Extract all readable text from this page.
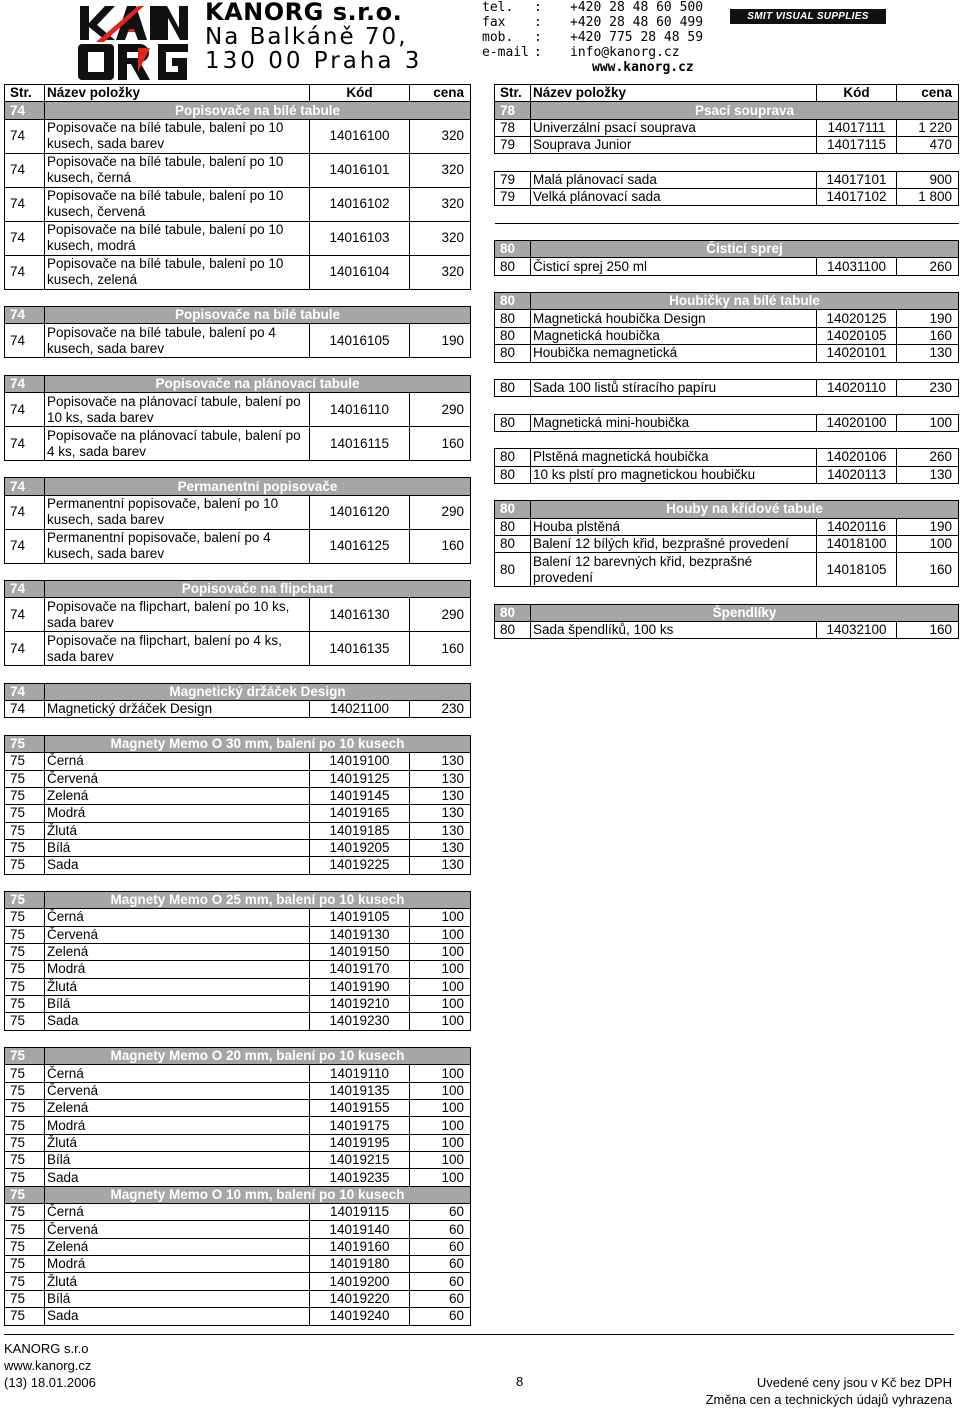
KANORG s.r.o.
Na Balkáně 70,
130 00 Praha 3
tel.	:	+420 28 48 60 500
fax	:	+420 28 48 60 499
mob.	:	+420 775 28 48 59
e-mail :	info@kanorg.cz
www.kanorg.cz
SMIT VISUAL SUPPLIES
Str.	Název položky	Kód	cena
74	Popisovače na bílé tabule		
74	Popisovače na bílé tabule, balení po 10 kusech, sada barev	14016100	320
74	Popisovače na bílé tabule, balení po 10 kusech, černá	14016101	320
74	Popisovače na bílé tabule, balení po 10 kusech, červená	14016102	320
74	Popisovače na bílé tabule, balení po 10 kusech, modrá	14016103	320
74	Popisovače na bílé tabule, balení po 10 kusech, zelená	14016104	320

74	Popisovače na bílé tabule		
74	Popisovače na bílé tabule, balení po 4 kusech, sada barev	14016105	190

74	Popisovače na plánovací tabule		
74	Popisovače na plánovací tabule, balení po 10 ks, sada barev	14016110	290
74	Popisovače na plánovací tabule, balení po 4 ks, sada barev	14016115	160

74	Permanentní popisovače		
74	Permanentní popisovače, balení po 10 kusech, sada barev	14016120	290
74	Permanentní popisovače, balení po 4 kusech, sada barev	14016125	160

74	Popisovače na flipchart		
74	Popisovače na flipchart, balení po 10 ks, sada barev	14016130	290
74	Popisovače na flipchart, balení po 4 ks, sada barev	14016135	160

74	Magnetický držáček Design		
74	Magnetický držáček Design	14021100	230

75	Magnety Memo O 30 mm, balení po 10 kusech		
75	Černá	14019100	130
75	Červená	14019125	130
75	Zelená	14019145	130
75	Modrá	14019165	130
75	Žlutá	14019185	130
75	Bílá	14019205	130
75	Sada	14019225	130

75	Magnety Memo O 25 mm, balení po 10 kusech		
75	Černá	14019105	100
75	Červená	14019130	100
75	Zelená	14019150	100
75	Modrá	14019170	100
75	Žlutá	14019190	100
75	Bílá	14019210	100
75	Sada	14019230	100

75	Magnety Memo O 20 mm, balení po 10 kusech		
75	Černá	14019110	100
75	Červená	14019135	100
75	Zelená	14019155	100
75	Modrá	14019175	100
75	Žlutá	14019195	100
75	Bílá	14019215	100
75	Sada	14019235	100
75	Magnety Memo O 10 mm, balení po 10 kusech		
75	Černá	14019115	60
75	Červená	14019140	60
75	Zelená	14019160	60
75	Modrá	14019180	60
75	Žlutá	14019200	60
75	Bílá	14019220	60
75	Sada	14019240	60
Str.	Název položky	Kód	cena
78	Psací souprava		
78	Univerzální psací souprava	14017111	1 220
79	Souprava Junior	14017115	470

79	Malá plánovací sada	14017101	900
79	Velká plánovací sada	14017102	1 800

80	Čisticí sprej		
80	Čisticí sprej 250 ml	14031100	260

80	Houbičky na bílé tabule		
80	Magnetická houbička Design	14020125	190
80	Magnetická houbička	14020105	160
80	Houbička nemagnetická	14020101	130

80	Sada 100 listů stíracího papíru	14020110	230

80	Magnetická mini-houbička	14020100	100

80	Plstěná magnetická houbička	14020106	260
80	10 ks plstí pro magnetickou houbičku	14020113	130

80	Houby na křídové tabule		
80	Houba plstěná	14020116	190
80	Balení 12 bílých křid, bezprašné provedení	14018100	100
80	Balení 12 barevných křid, bezprašné provedení	14018105	160

80	Špendlíky		
80	Sada špendlíků, 100 ks	14032100	160
KANORG s.r.o
www.kanorg.cz
(13) 18.01.2006	8	Uvedené ceny jsou v Kč bez DPH
Změna cen a technických údajů vyhrazena
